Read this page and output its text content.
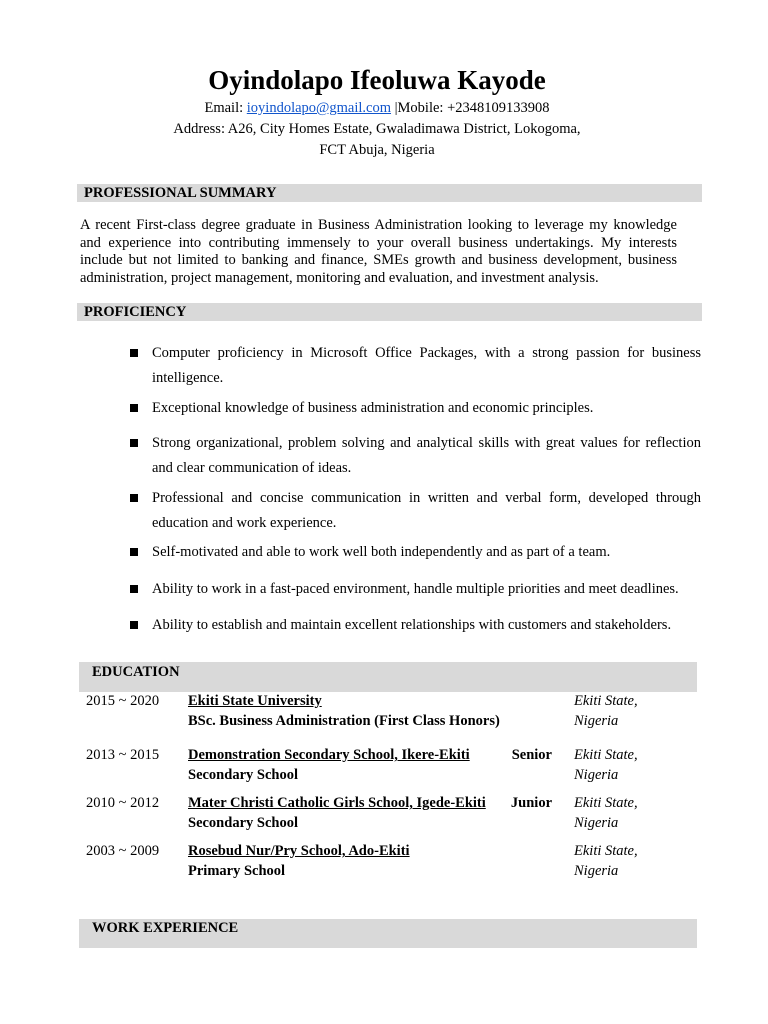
Oyindolapo Ifeoluwa Kayode
Email: ioyindolapo@gmail.com |Mobile: +2348109133908
Address: A26, City Homes Estate, Gwaladimawa District, Lokogoma,
FCT Abuja, Nigeria
PROFESSIONAL SUMMARY
A recent First-class degree graduate in Business Administration looking to leverage my knowledge and experience into contributing immensely to your overall business undertakings. My interests include but not limited to banking and finance, SMEs growth and business development, business administration, project management, monitoring and evaluation, and investment analysis.
PROFICIENCY
Computer proficiency in Microsoft Office Packages, with a strong passion for business intelligence.
Exceptional knowledge of business administration and economic principles.
Strong organizational, problem solving and analytical skills with great values for reflection and clear communication of ideas.
Professional and concise communication in written and verbal form, developed through education and work experience.
Self-motivated and able to work well both independently and as part of a team.
Ability to work in a fast-paced environment, handle multiple priorities and meet deadlines.
Ability to establish and maintain excellent relationships with customers and stakeholders.
EDUCATION
2015 ~ 2020 Ekiti State University
BSc. Business Administration (First Class Honors)
Ekiti State,
Nigeria
2013 ~ 2015 Demonstration Secondary School, Ikere-Ekiti	Senior
Secondary School
Ekiti State,
Nigeria
2010 ~ 2012 Mater Christi Catholic Girls School, Igede-Ekiti Junior
Secondary School
Ekiti State,
Nigeria
2003 ~ 2009 Rosebud Nur/Pry School, Ado-Ekiti
Primary School
Ekiti State,
Nigeria
WORK EXPERIENCE
